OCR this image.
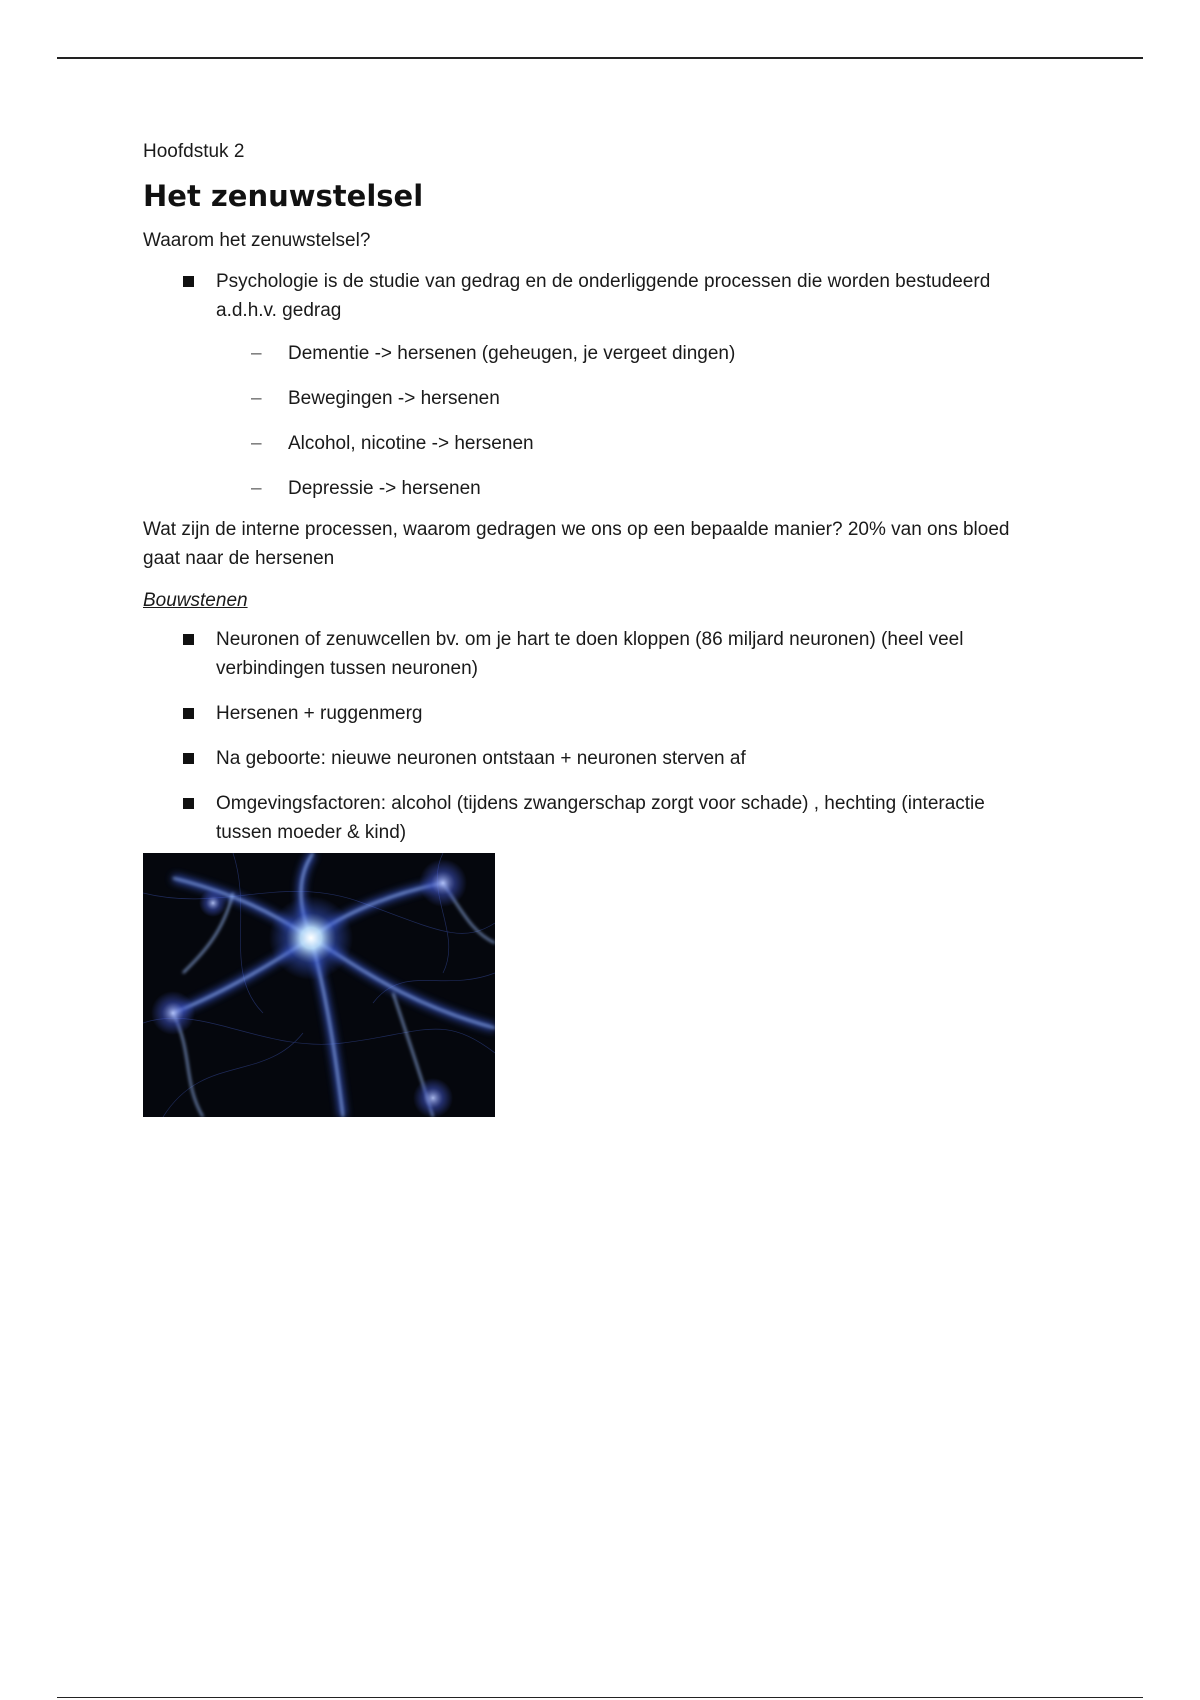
Hoofdstuk 2

Het zenuwstelsel

Waarom het zenuwstelsel?

Psychologie is de studie van gedrag en de onderliggende processen die worden bestudeerd a.d.h.v. gedrag
– Dementie -> hersenen (geheugen, je vergeet dingen)
– Bewegingen -> hersenen
– Alcohol, nicotine -> hersenen
– Depressie -> hersenen

Wat zijn de interne processen, waarom gedragen we ons op een bepaalde manier? 20% van ons bloed gaat naar de hersenen

Bouwstenen

Neuronen of zenuwcellen bv. om je hart te doen kloppen (86 miljard neuronen) (heel veel verbindingen tussen neuronen)
Hersenen + ruggenmerg
Na geboorte: nieuwe neuronen ontstaan + neuronen sterven af
Omgevingsfactoren: alcohol (tijdens zwangerschap zorgt voor schade) , hechting (interactie tussen moeder & kind)
